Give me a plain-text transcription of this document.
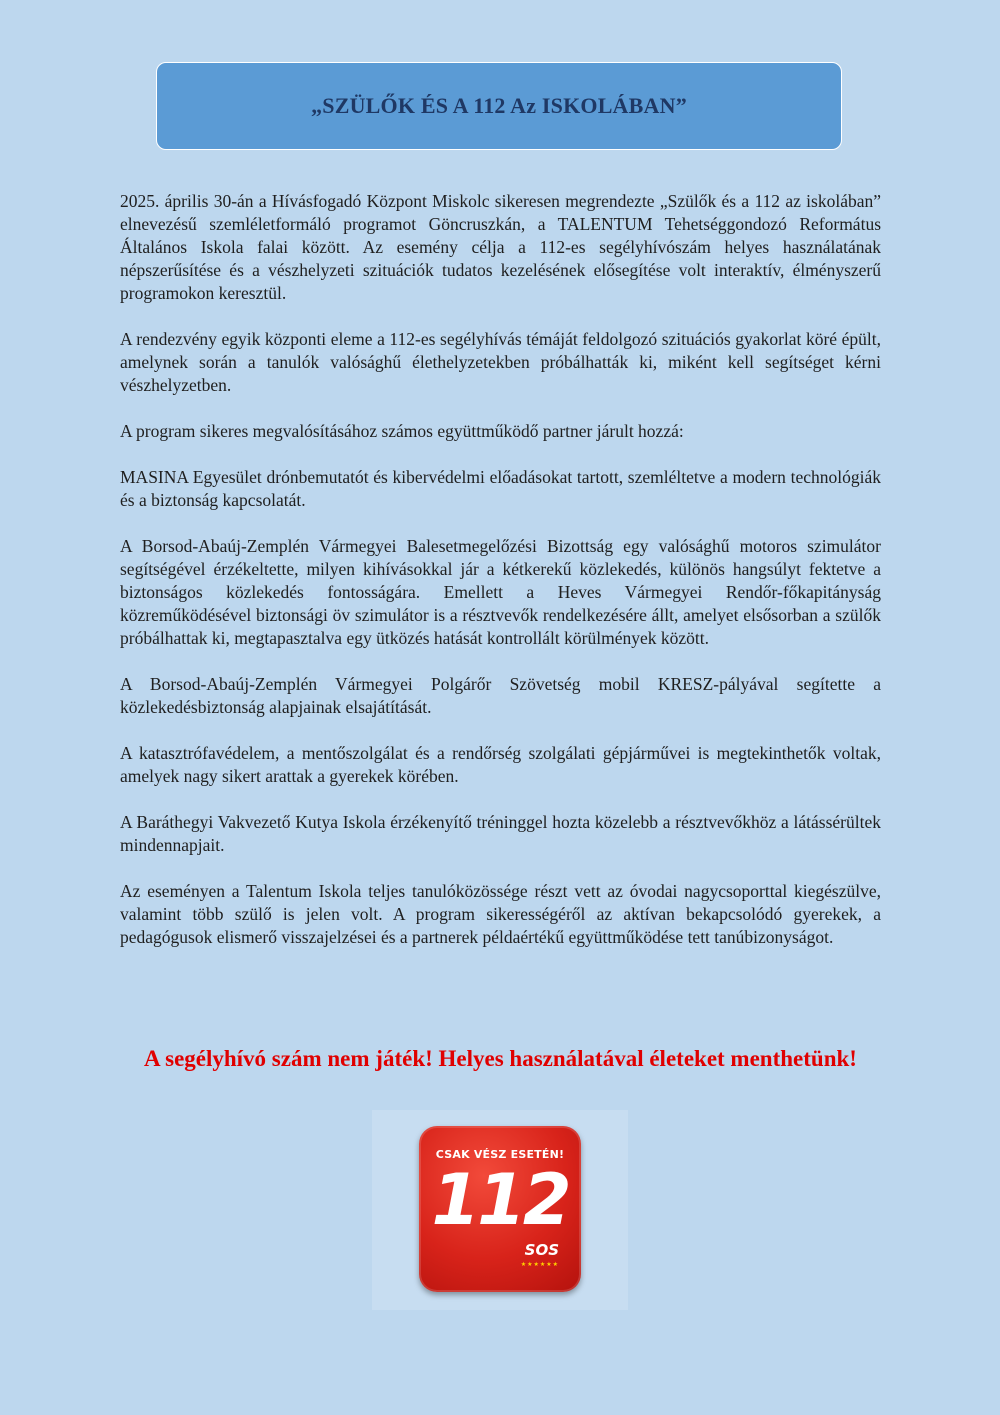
„SZÜLŐK ÉS A 112 Az ISKOLÁBAN”

2025. április 30-án a Hívásfogadó Központ Miskolc sikeresen megrendezte „Szülők és a 112 az iskolában” elnevezésű szemléletformáló programot Göncruszkán, a TALENTUM Tehetséggondozó Református Általános Iskola falai között. Az esemény célja a 112-es segélyhívószám helyes használatának népszerűsítése és a vészhelyzeti szituációk tudatos kezelésének elősegítése volt interaktív, élményszerű programokon keresztül.

A rendezvény egyik központi eleme a 112-es segélyhívás témáját feldolgozó szituációs gyakorlat köré épült, amelynek során a tanulók valósághű élethelyzetekben próbálhatták ki, miként kell segítséget kérni vészhelyzetben.

A program sikeres megvalósításához számos együttműködő partner járult hozzá:

MASINA Egyesület drónbemutatót és kibervédelmi előadásokat tartott, szemléltetve a modern technológiák és a biztonság kapcsolatát.

A Borsod-Abaúj-Zemplén Vármegyei Balesetmegelőzési Bizottság egy valósághű motoros szimulátor segítségével érzékeltette, milyen kihívásokkal jár a kétkerekű közlekedés, különös hangsúlyt fektetve a biztonságos közlekedés fontosságára. Emellett a Heves Vármegyei Rendőr-főkapitányság közreműködésével biztonsági öv szimulátor is a résztvevők rendelkezésére állt, amelyet elsősorban a szülők próbálhattak ki, megtapasztalva egy ütközés hatását kontrollált körülmények között.

A Borsod-Abaúj-Zemplén Vármegyei Polgárőr Szövetség mobil KRESZ-pályával segítette a közlekedésbiztonság alapjainak elsajátítását.

A katasztrófavédelem, a mentőszolgálat és a rendőrség szolgálati gépjárművei is megtekinthetők voltak, amelyek nagy sikert arattak a gyerekek körében.

A Baráthegyi Vakvezető Kutya Iskola érzékenyítő tréninggel hozta közelebb a résztvevőkhöz a látássérültek mindennapjait.

Az eseményen a Talentum Iskola teljes tanulóközössége részt vett az óvodai nagycsoporttal kiegészülve, valamint több szülő is jelen volt. A program sikerességéről az aktívan bekapcsolódó gyerekek, a pedagógusok elismerő visszajelzései és a partnerek példaértékű együttműködése tett tanúbizonyságot.

A segélyhívó szám nem játék! Helyes használatával életeket menthetünk!
CSAK VÉSZ ESETÉN!
112
SOS
★★★★★★
